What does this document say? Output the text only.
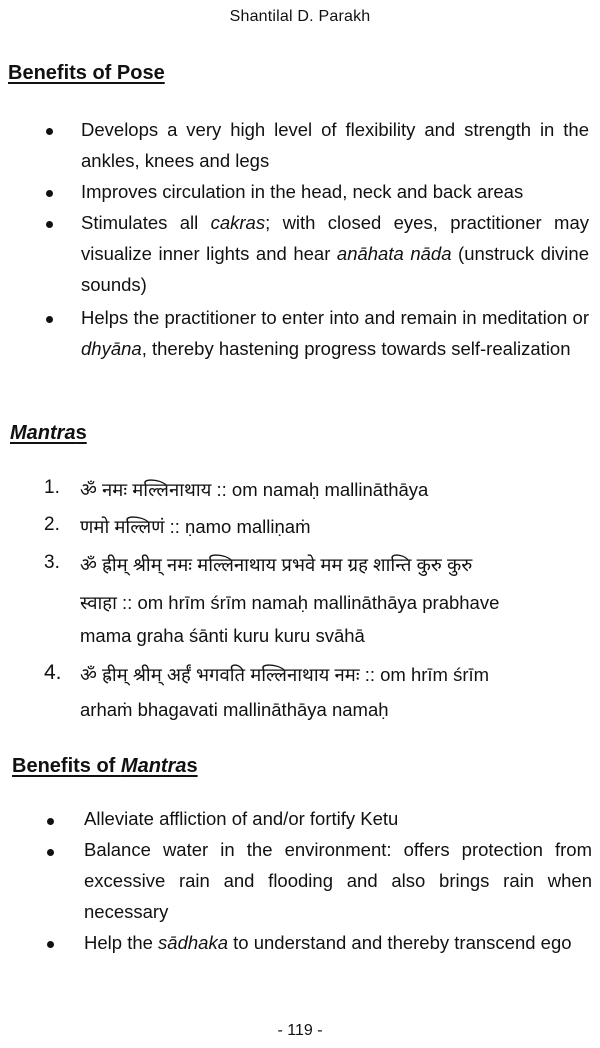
Shantilal D. Parakh
Benefits of Pose
Develops a very high level of flexibility and strength in the ankles, knees and legs
Improves circulation in the head, neck and back areas
Stimulates all cakras; with closed eyes, practitioner may visualize inner lights and hear anāhata nāda (unstruck divine sounds)
Helps the practitioner to enter into and remain in meditation or dhyāna, thereby hastening progress towards self-realization
Mantras
1. ॐ नमः मल्लिनाथाय :: om namaḥ mallināthāya
2. णमो मल्लिणं :: ṇamo malliṇaṁ
3. ॐ ह्रीम् श्रीम् नमः मल्लिनाथाय प्रभवे मम ग्रह शान्ति कुरु कुरु
स्वाहा :: om hrīm śrīm namaḥ mallināthāya prabhave
mama graha śānti kuru kuru svāhā
4. ॐ ह्रीम् श्रीम् अर्हं भगवति मल्लिनाथाय नमः :: om hrīm śrīm
arhaṁ bhagavati mallināthāya namaḥ
Benefits of Mantras
Alleviate affliction of and/or fortify Ketu
Balance water in the environment: offers protection from excessive rain and flooding and also brings rain when necessary
Help the sādhaka to understand and thereby transcend ego
- 119 -
